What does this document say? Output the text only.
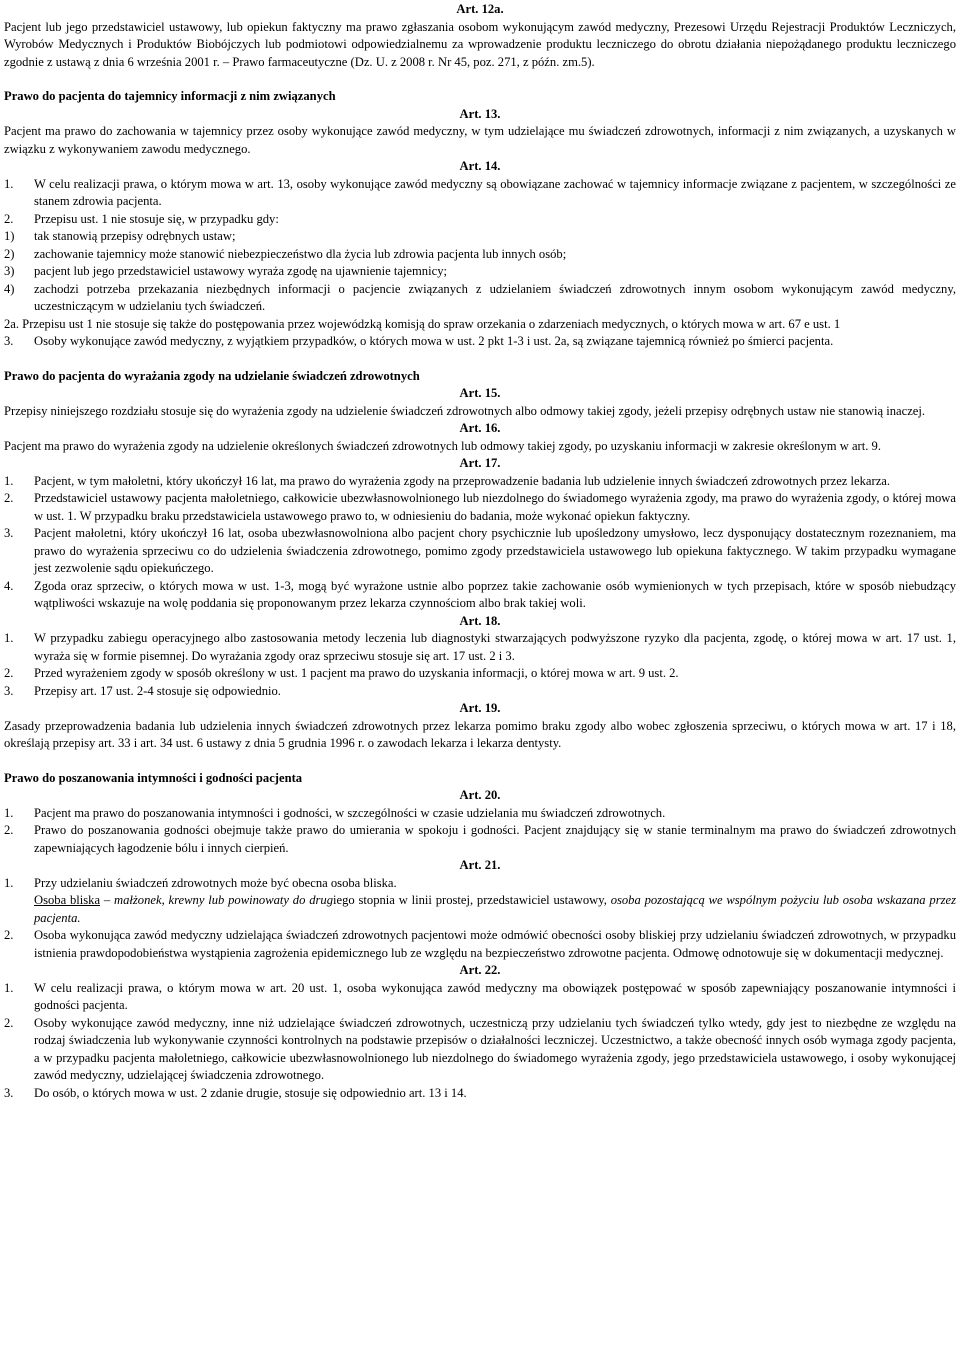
Art. 12a.

Pacjent lub jego przedstawiciel ustawowy, lub opiekun faktyczny ma prawo zgłaszania osobom wykonującym zawód medyczny, Prezesowi Urzędu Rejestracji Produktów Leczniczych, Wyrobów Medycznych i Produktów Biobójczych lub podmiotowi odpowiedzialnemu za wprowadzenie produktu leczniczego do obrotu działania niepożądanego produktu leczniczego zgodnie z ustawą z dnia 6 września 2001 r. – Prawo farmaceutyczne (Dz. U. z 2008 r. Nr 45, poz. 271, z późn. zm.5).

Prawo do pacjenta do tajemnicy informacji z nim związanych

Art. 13.

Pacjent ma prawo do zachowania w tajemnicy przez osoby wykonujące zawód medyczny, w tym udzielające mu świadczeń zdrowotnych, informacji z nim związanych, a uzyskanych w związku z wykonywaniem zawodu medycznego.

Art. 14.

1.	W celu realizacji prawa, o którym mowa w art. 13, osoby wykonujące zawód medyczny są obowiązane zachować w tajemnicy informacje związane z pacjentem, w szczególności ze stanem zdrowia pacjenta.
2.	Przepisu ust. 1 nie stosuje się, w przypadku gdy:
1)	tak stanowią przepisy odrębnych ustaw;
2)	zachowanie tajemnicy może stanowić niebezpieczeństwo dla życia lub zdrowia pacjenta lub innych osób;
3)	pacjent lub jego przedstawiciel ustawowy wyraża zgodę na ujawnienie tajemnicy;
4)	zachodzi potrzeba przekazania niezbędnych informacji o pacjencie związanych z udzielaniem świadczeń zdrowotnych innym osobom wykonującym zawód medyczny, uczestniczącym w udzielaniu tych świadczeń.

2a. Przepisu ust 1 nie stosuje się także do postępowania przez wojewódzką komisją do spraw orzekania o zdarzeniach medycznych, o których mowa w art. 67 e ust. 1

3.	Osoby wykonujące zawód medyczny, z wyjątkiem przypadków, o których mowa w ust. 2 pkt 1-3 i ust. 2a, są związane tajemnicą również po śmierci pacjenta.

Prawo do pacjenta do wyrażania zgody na udzielanie świadczeń zdrowotnych

Art. 15.

Przepisy niniejszego rozdziału stosuje się do wyrażenia zgody na udzielenie świadczeń zdrowotnych albo odmowy takiej zgody, jeżeli przepisy odrębnych ustaw nie stanowią inaczej.

Art. 16.

Pacjent ma prawo do wyrażenia zgody na udzielenie określonych świadczeń zdrowotnych lub odmowy takiej zgody, po uzyskaniu informacji w zakresie określonym w art. 9.

Art. 17.

1.	Pacjent, w tym małoletni, który ukończył 16 lat, ma prawo do wyrażenia zgody na przeprowadzenie badania lub udzielenie innych świadczeń zdrowotnych przez lekarza.
2.	Przedstawiciel ustawowy pacjenta małoletniego, całkowicie ubezwłasnowolnionego lub niezdolnego do świadomego wyrażenia zgody, ma prawo do wyrażenia zgody, o której mowa w ust. 1. W przypadku braku przedstawiciela ustawowego prawo to, w odniesieniu do badania, może wykonać opiekun faktyczny.
3.	Pacjent małoletni, który ukończył 16 lat, osoba ubezwłasnowolniona albo pacjent chory psychicznie lub upośledzony umysłowo, lecz dysponujący dostatecznym rozeznaniem, ma prawo do wyrażenia sprzeciwu co do udzielenia świadczenia zdrowotnego, pomimo zgody przedstawiciela ustawowego lub opiekuna faktycznego. W takim przypadku wymagane jest zezwolenie sądu opiekuńczego.
4.	Zgoda oraz sprzeciw, o których mowa w ust. 1-3, mogą być wyrażone ustnie albo poprzez takie zachowanie osób wymienionych w tych przepisach, które w sposób niebudzący wątpliwości wskazuje na wolę poddania się proponowanym przez lekarza czynnościom albo brak takiej woli.

Art. 18.

1.	W przypadku zabiegu operacyjnego albo zastosowania metody leczenia lub diagnostyki stwarzających podwyższone ryzyko dla pacjenta, zgodę, o której mowa w art. 17 ust. 1, wyraża się w formie pisemnej. Do wyrażania zgody oraz sprzeciwu stosuje się art. 17 ust. 2 i 3.
2.	Przed wyrażeniem zgody w sposób określony w ust. 1 pacjent ma prawo do uzyskania informacji, o której mowa w art. 9 ust. 2.
3.	Przepisy art. 17 ust. 2-4 stosuje się odpowiednio.

Art. 19.

Zasady przeprowadzenia badania lub udzielenia innych świadczeń zdrowotnych przez lekarza pomimo braku zgody albo wobec zgłoszenia sprzeciwu, o których mowa w art. 17 i 18, określają przepisy art. 33 i art. 34 ust. 6 ustawy z dnia 5 grudnia 1996 r. o zawodach lekarza i lekarza dentysty.

Prawo do poszanowania intymności i godności pacjenta

Art. 20.

1.	Pacjent ma prawo do poszanowania intymności i godności, w szczególności w czasie udzielania mu świadczeń zdrowotnych.
2.	Prawo do poszanowania godności obejmuje także prawo do umierania w spokoju i godności. Pacjent znajdujący się w stanie terminalnym ma prawo do świadczeń zdrowotnych zapewniających łagodzenie bólu i innych cierpień.

Art. 21.

1.	Przy udzielaniu świadczeń zdrowotnych może być obecna osoba bliska.

Osoba bliska – małżonek, krewny lub powinowaty do drugiego stopnia w linii prostej, przedstawiciel ustawowy, osoba pozostającą we wspólnym pożyciu lub osoba wskazana przez pacjenta.

2.	Osoba wykonująca zawód medyczny udzielająca świadczeń zdrowotnych pacjentowi może odmówić obecności osoby bliskiej przy udzielaniu świadczeń zdrowotnych, w przypadku istnienia prawdopodobieństwa wystąpienia zagrożenia epidemicznego lub ze względu na bezpieczeństwo zdrowotne pacjenta. Odmowę odnotowuje się w dokumentacji medycznej.

Art. 22.

1.	W celu realizacji prawa, o którym mowa w art. 20 ust. 1, osoba wykonująca zawód medyczny ma obowiązek postępować w sposób zapewniający poszanowanie intymności i godności pacjenta.
2.	Osoby wykonujące zawód medyczny, inne niż udzielające świadczeń zdrowotnych, uczestniczą przy udzielaniu tych świadczeń tylko wtedy, gdy jest to niezbędne ze względu na rodzaj świadczenia lub wykonywanie czynności kontrolnych na podstawie przepisów o działalności leczniczej. Uczestnictwo, a także obecność innych osób wymaga zgody pacjenta, a w przypadku pacjenta małoletniego, całkowicie ubezwłasnowolnionego lub niezdolnego do świadomego wyrażenia zgody, jego przedstawiciela ustawowego, i osoby wykonującej zawód medyczny, udzielającej świadczenia zdrowotnego.
3.	Do osób, o których mowa w ust. 2 zdanie drugie, stosuje się odpowiednio art. 13 i 14.
